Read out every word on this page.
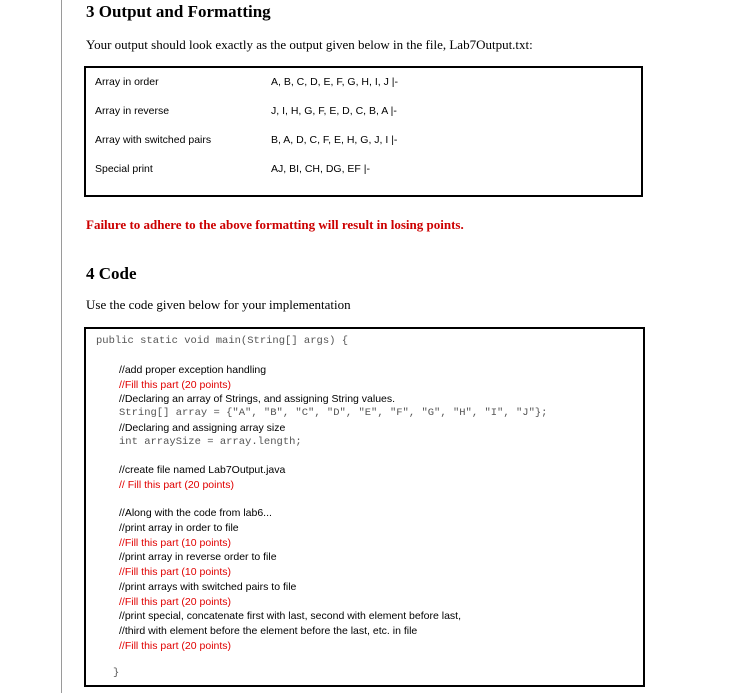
3 Output and Formatting
Your output should look exactly as the output given below in the file, Lab7Output.txt:
Array in order	A, B, C, D, E, F, G, H, I, J |-
Array in reverse	J, I, H, G, F, E, D, C, B, A |-
Array with switched pairs	B, A, D, C, F, E, H, G, J, I |-
Special print	AJ, BI, CH, DG, EF |-
Failure to adhere to the above formatting will result in losing points.
4 Code
Use the code given below for your implementation
public static void main(String[] args) {
//add proper exception handling
//Fill this part (20 points)
//Declaring an array of Strings, and assigning String values.
String[] array = {"A", "B", "C", "D", "E", "F", "G", "H", "I", "J"};
//Declaring and assigning array size
int arraySize = array.length;
//create file named Lab7Output.java
// Fill this part (20 points)
//Along with the code from lab6...
//print array in order to file
//Fill this part (10 points)
//print array in reverse order to file
//Fill this part (10 points)
//print arrays with switched pairs to file
//Fill this part (20 points)
//print special, concatenate first with last, second with element before last,
//third with element before the element before the last, etc. in file
//Fill this part (20 points)
}
